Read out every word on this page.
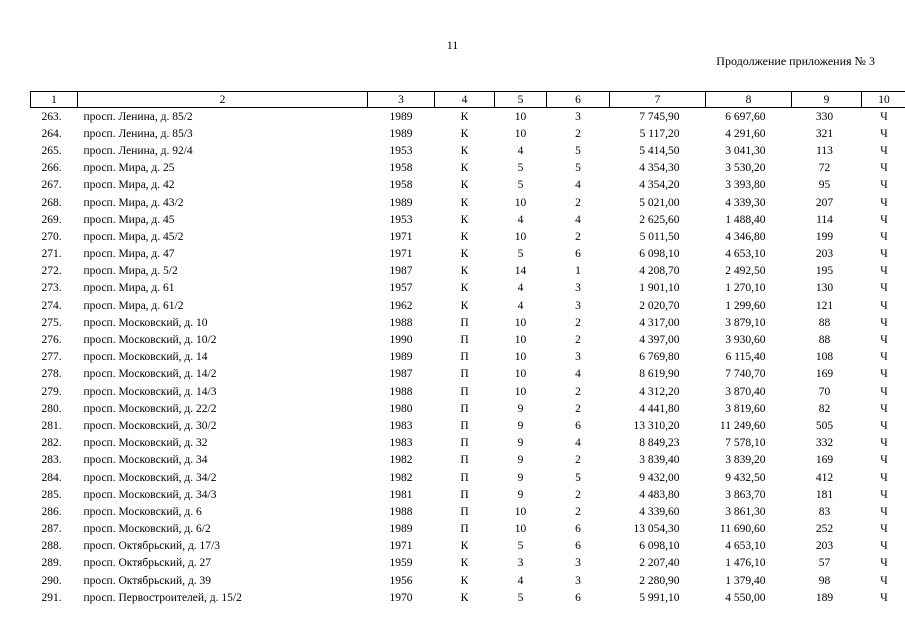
11
Продолжение приложения № 3
1	2	3	4	5	6	7	8	9	10
263.	просп. Ленина, д. 85/2	1989	К	10	3	7 745,90	6 697,60	330	Ч
264.	просп. Ленина, д. 85/3	1989	К	10	2	5 117,20	4 291,60	321	Ч
265.	просп. Ленина, д. 92/4	1953	К	4	5	5 414,50	3 041,30	113	Ч
266.	просп. Мира, д. 25	1958	К	5	5	4 354,30	3 530,20	72	Ч
267.	просп. Мира, д. 42	1958	К	5	4	4 354,20	3 393,80	95	Ч
268.	просп. Мира, д. 43/2	1989	К	10	2	5 021,00	4 339,30	207	Ч
269.	просп. Мира, д. 45	1953	К	4	4	2 625,60	1 488,40	114	Ч
270.	просп. Мира, д. 45/2	1971	К	10	2	5 011,50	4 346,80	199	Ч
271.	просп. Мира, д. 47	1971	К	5	6	6 098,10	4 653,10	203	Ч
272.	просп. Мира, д. 5/2	1987	К	14	1	4 208,70	2 492,50	195	Ч
273.	просп. Мира, д. 61	1957	К	4	3	1 901,10	1 270,10	130	Ч
274.	просп. Мира, д. 61/2	1962	К	4	3	2 020,70	1 299,60	121	Ч
275.	просп. Московский, д. 10	1988	П	10	2	4 317,00	3 879,10	88	Ч
276.	просп. Московский, д. 10/2	1990	П	10	2	4 397,00	3 930,60	88	Ч
277.	просп. Московский, д. 14	1989	П	10	3	6 769,80	6 115,40	108	Ч
278.	просп. Московский, д. 14/2	1987	П	10	4	8 619,90	7 740,70	169	Ч
279.	просп. Московский, д. 14/3	1988	П	10	2	4 312,20	3 870,40	70	Ч
280.	просп. Московский, д. 22/2	1980	П	9	2	4 441,80	3 819,60	82	Ч
281.	просп. Московский, д. 30/2	1983	П	9	6	13 310,20	11 249,60	505	Ч
282.	просп. Московский, д. 32	1983	П	9	4	8 849,23	7 578,10	332	Ч
283.	просп. Московский, д. 34	1982	П	9	2	3 839,40	3 839,20	169	Ч
284.	просп. Московский, д. 34/2	1982	П	9	5	9 432,00	9 432,50	412	Ч
285.	просп. Московский, д. 34/3	1981	П	9	2	4 483,80	3 863,70	181	Ч
286.	просп. Московский, д. 6	1988	П	10	2	4 339,60	3 861,30	83	Ч
287.	просп. Московский, д. 6/2	1989	П	10	6	13 054,30	11 690,60	252	Ч
288.	просп. Октябрьский, д. 17/3	1971	К	5	6	6 098,10	4 653,10	203	Ч
289.	просп. Октябрьский, д. 27	1959	К	3	3	2 207,40	1 476,10	57	Ч
290.	просп. Октябрьский, д. 39	1956	К	4	3	2 280,90	1 379,40	98	Ч
291.	просп. Первостроителей, д. 15/2	1970	К	5	6	5 991,10	4 550,00	189	Ч
